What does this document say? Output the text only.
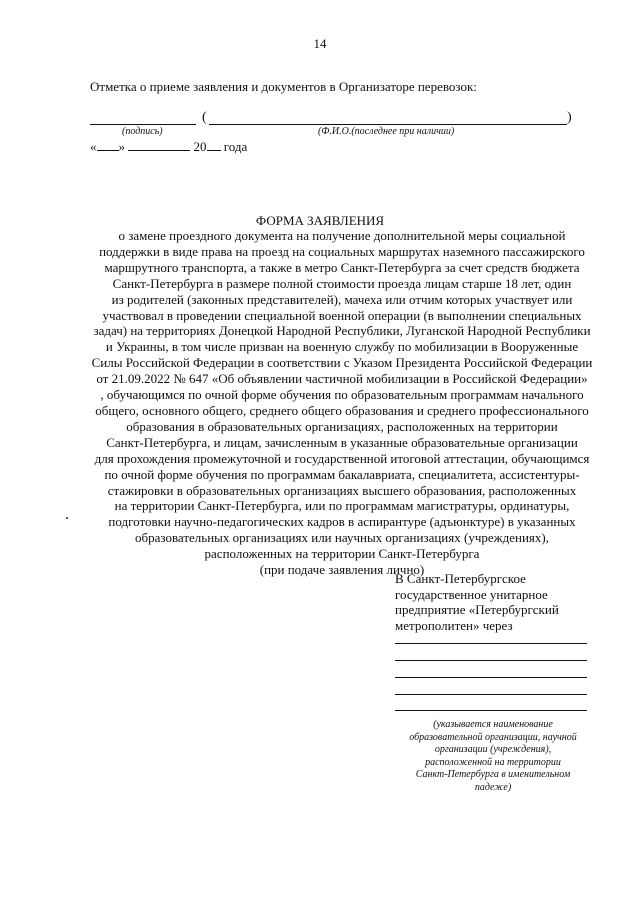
14
Отметка о приеме заявления и документов в Организаторе перевозок:
(	)
(подпись)	(Ф.И.О.(последнее при наличии)
« »	20 года
ФОРМА ЗАЯВЛЕНИЯ
о замене проездного документа на получение дополнительной меры социальной
поддержки в виде права на проезд на социальных маршрутах наземного пассажирского
маршрутного транспорта, а также в метро Санкт-Петербурга за счет средств бюджета
Санкт-Петербурга в размере полной стоимости проезда лицам старше 18 лет, один
из родителей (законных представителей), мачеха или отчим которых участвует или
участвовал в проведении специальной военной операции (в выполнении специальных
задач) на территориях Донецкой Народной Республики, Луганской Народной Республики
и Украины, в том числе призван на военную службу по мобилизации в Вооруженные
Силы Российской Федерации в соответствии с Указом Президента Российской Федерации
от 21.09.2022 № 647 «Об объявлении частичной мобилизации в Российской Федерации»
, обучающимся по очной форме обучения по образовательным программам начального
общего, основного общего, среднего общего образования и среднего профессионального
образования в образовательных организациях, расположенных на территории
Санкт-Петербурга, и лицам, зачисленным в указанные образовательные организации
для прохождения промежуточной и государственной итоговой аттестации, обучающимся
по очной форме обучения по программам бакалавриата, специалитета, ассистентуры-
стажировки в образовательных организациях высшего образования, расположенных
на территории Санкт-Петербурга, или по программам магистратуры, ординатуры,
подготовки научно-педагогических кадров в аспирантуре (адъюнктуре) в указанных
образовательных организациях или научных организациях (учреждениях),
расположенных на территории Санкт-Петербурга
(при подаче заявления лично)
В Санкт-Петербургское
государственное унитарное
предприятие «Петербургский
метрополитен» через
(указывается наименование
образовательной организации, научной
организации (учреждения),
расположенной на территории
Санкт-Петербурга в именительном
падеже)
